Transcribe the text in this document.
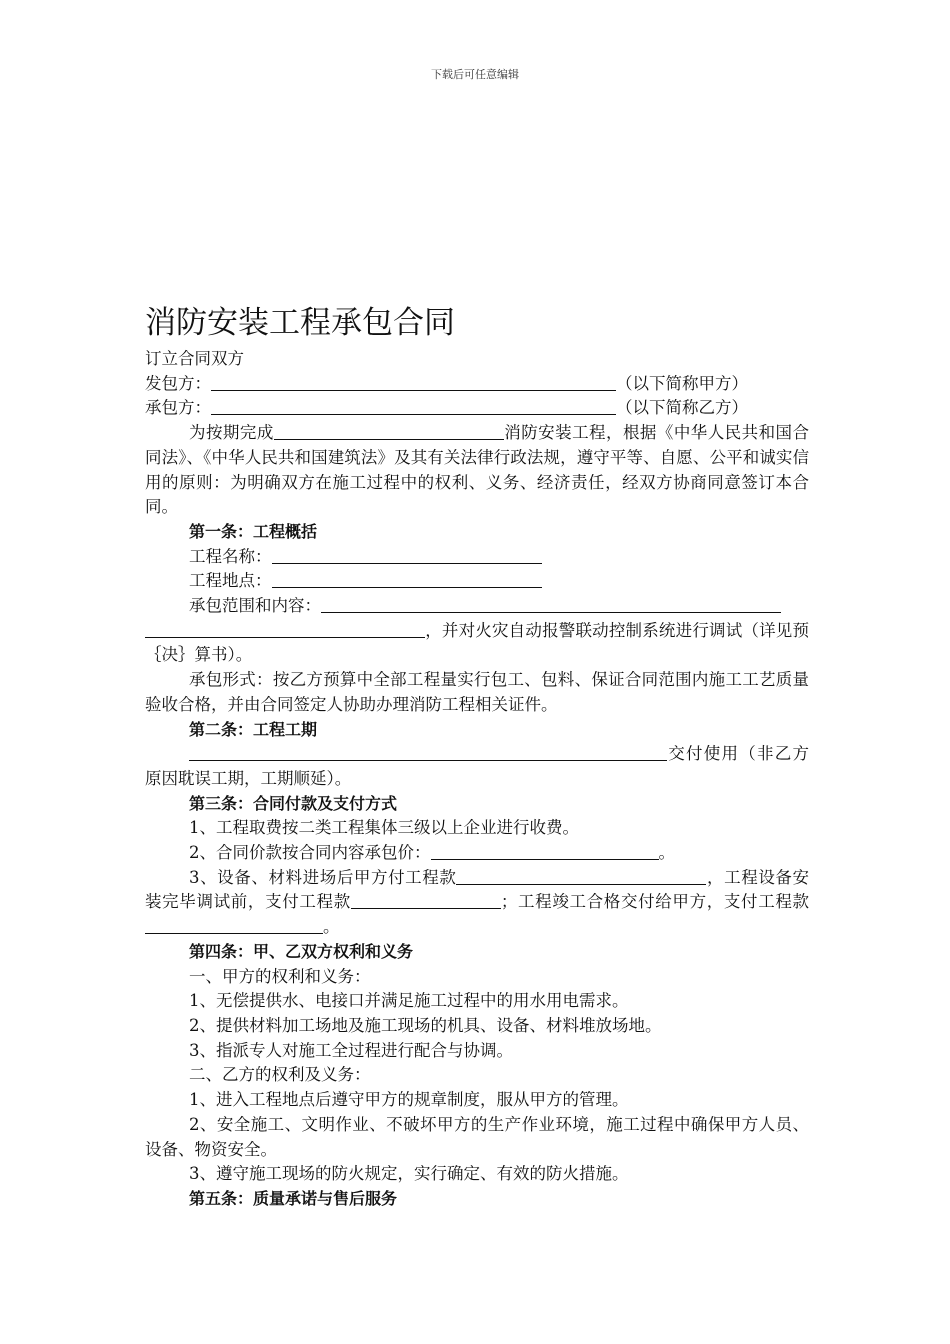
下载后可任意编辑
消防安装工程承包合同

订立合同双方

发包方：	（以下简称甲方）

承包方：	（以下简称乙方）

为按期完成	消防安装工程，根据《中华人民共和国合同法》、《中华人民共和国建筑法》及其有关法律行政法规，遵守平等、自愿、公平和诚实信用的原则：为明确双方在施工过程中的权利、义务、经济责任，经双方协商同意签订本合同。

第一条：工程概括

工程名称：

工程地点：

承包范围和内容：

，并对火灾自动报警联动控制系统进行调试（详见预｛决｝算书）。

承包形式：按乙方预算中全部工程量实行包工、包料、保证合同范围内施工工艺质量验收合格，并由合同签定人协助办理消防工程相关证件。

第二条：工程工期

交付使用（非乙方原因耽误工期，工期顺延）。

第三条：合同付款及支付方式

1、工程取费按二类工程集体三级以上企业进行收费。

2、合同价款按合同内容承包价：	。

3、设备、材料进场后甲方付工程款	，工程设备安装完毕调试前，支付工程款	；工程竣工合格交付给甲方，支付工程款。

第四条：甲、乙双方权利和义务

一、甲方的权利和义务：

1、无偿提供水、电接口并满足施工过程中的用水用电需求。

2、提供材料加工场地及施工现场的机具、设备、材料堆放场地。

3、指派专人对施工全过程进行配合与协调。

二、乙方的权利及义务：

1、进入工程地点后遵守甲方的规章制度，服从甲方的管理。

2、安全施工、文明作业、不破坏甲方的生产作业环境，施工过程中确保甲方人员、设备、物资安全。

3、遵守施工现场的防火规定，实行确定、有效的防火措施。

第五条：质量承诺与售后服务
